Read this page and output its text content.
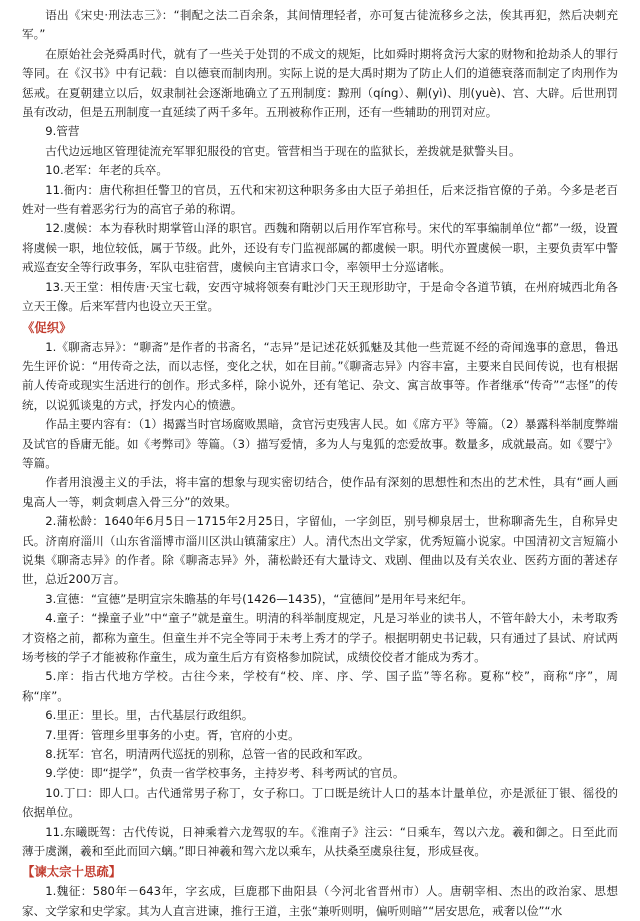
语出《宋史·刑法志三》：“剕配之法二百余条，其间情理轻者，亦可复古徒流移乡之法，俟其再犯，然后决刺充军。”

在原始社会尧舜禹时代，就有了一些关于处罚的不成文的规矩，比如舜时期将贪污大家的财物和抢劫杀人的罪行等同。在《汉书》中有记载：自以德衰而制肉刑。实际上说的是大禹时期为了防止人们的道德衰落而制定了肉刑作为惩戒。在夏朝建立以后，奴隶制社会逐渐地确立了五刑制度：黥刑（qíng）、劓(yì)、刖(yuè)、宫、大辟。后世刑罚虽有改动，但是五刑制度一直延续了两千多年。五刑被称作正刑，还有一些辅助的刑罚对应。

9.管营

古代边远地区管理徒流充军罪犯服役的官吏。管营相当于现在的监狱长，差拨就是狱警头目。

10.老军：年老的兵卒。

11.衙内：唐代称担任警卫的官员，五代和宋初这种职务多由大臣子弟担任，后来泛指官僚的子弟。今多是老百姓对一些有着恶劣行为的高官子弟的称谓。

12.虞候：本为春秋时期掌管山泽的职官。西魏和隋朝以后用作军官称号。宋代的军事编制单位“都”一级，设置将虞候一职，地位较低，属于节级。此外，还设有专门监视部属的都虞候一职。明代亦置虞候一职，主要负责军中警戒巡查安全等行政事务，军队屯驻宿营，虞候向主官请求口令，率领甲士分巡诸帐。

13.天王堂：相传唐·天宝七载，安西守城将领奏有毗沙门天王现形助守，于是命令各道节镇，在州府城西北角各立天王像。后来军营内也设立天王堂。

《促织》

1.《聊斋志异》：“聊斋”是作者的书斋名，“志异”是记述花妖狐魅及其他一些荒诞不经的奇闻逸事的意思，鲁迅先生评价说：“用传奇之法，而以志怪，变化之状，如在目前。”《聊斋志异》内容丰富，主要来自民间传说，也有根据前人传奇或现实生活进行的创作。形式多样，除小说外，还有笔记、杂文、寓言故事等。作者继承“传奇”“志怪”的传统，以说狐谈鬼的方式，抒发内心的愤懑。

作品主要内容有：（1）揭露当时官场腐败黑暗，贪官污吏残害人民。如《席方平》等篇。（2）暴露科举制度弊端及试官的昏庸无能。如《考弊司》等篇。（3）描写爱情，多为人与鬼狐的恋爱故事。数量多，成就最高。如《婴宁》等篇。

作者用浪漫主义的手法，将丰富的想象与现实密切结合，使作品有深刻的思想性和杰出的艺术性，具有“画人画鬼高人一等，刺贪刺虐入骨三分”的效果。

2.蒲松龄：1640年6月5日－1715年2月25日，字留仙，一字剑臣，别号柳泉居士，世称聊斋先生，自称异史氏。济南府淄川（山东省淄博市淄川区洪山镇蒲家庄）人。清代杰出文学家，优秀短篇小说家。中国清初文言短篇小说集《聊斋志异》的作者。除《聊斋志异》外，蒲松龄还有大量诗文、戏剧、俚曲以及有关农业、医药方面的著述存世，总近200万言。

3.宣德：“宣德”是明宣宗朱瞻基的年号(1426—1435)，“宣德间”是用年号来纪年。

4.童子：“操童子业”中“童子”就是童生。明清的科举制度规定，凡是习举业的读书人，不管年龄大小，未考取秀才资格之前，都称为童生。但童生并不完全等同于未考上秀才的学子。根据明朝史书记载，只有通过了县试、府试两场考核的学子才能被称作童生，成为童生后方有资格参加院试，成绩佼佼者才能成为秀才。

5.庠：指古代地方学校。古往今来，学校有“校、庠、序、学、国子监”等名称。夏称“校”，商称“序”，周称“庠”。

6.里正：里长。里，古代基层行政组织。

7.里胥：管理乡里事务的小吏。胥，官府的小吏。

8.抚军：官名，明清两代巡抚的别称，总管一省的民政和军政。

9.学使：即“提学”，负责一省学校事务，主持岁考、科考两试的官员。

10.丁口：即人口。古代通常男子称丁，女子称口。丁口既是统计人口的基本计量单位，亦是派征丁银、徭役的依据单位。

11.东曦既驾：古代传说，日神乘着六龙驾驭的车。《淮南子》注云：“日乘车，驾以六龙。羲和御之。日至此而薄于虞渊，羲和至此而回六螭。”即日神羲和驾六龙以乘车，从扶桑至虞泉往复，形成昼夜。

【谏太宗十思疏】

1.魏征：580年－643年，字玄成，巨鹿郡下曲阳县（今河北省晋州市）人。唐朝宰相、杰出的政治家、思想家、文学家和史学家。其为人直言进谏，推行王道，主张“兼听则明，偏听则暗”“居安思危，戒奢以俭”“水
